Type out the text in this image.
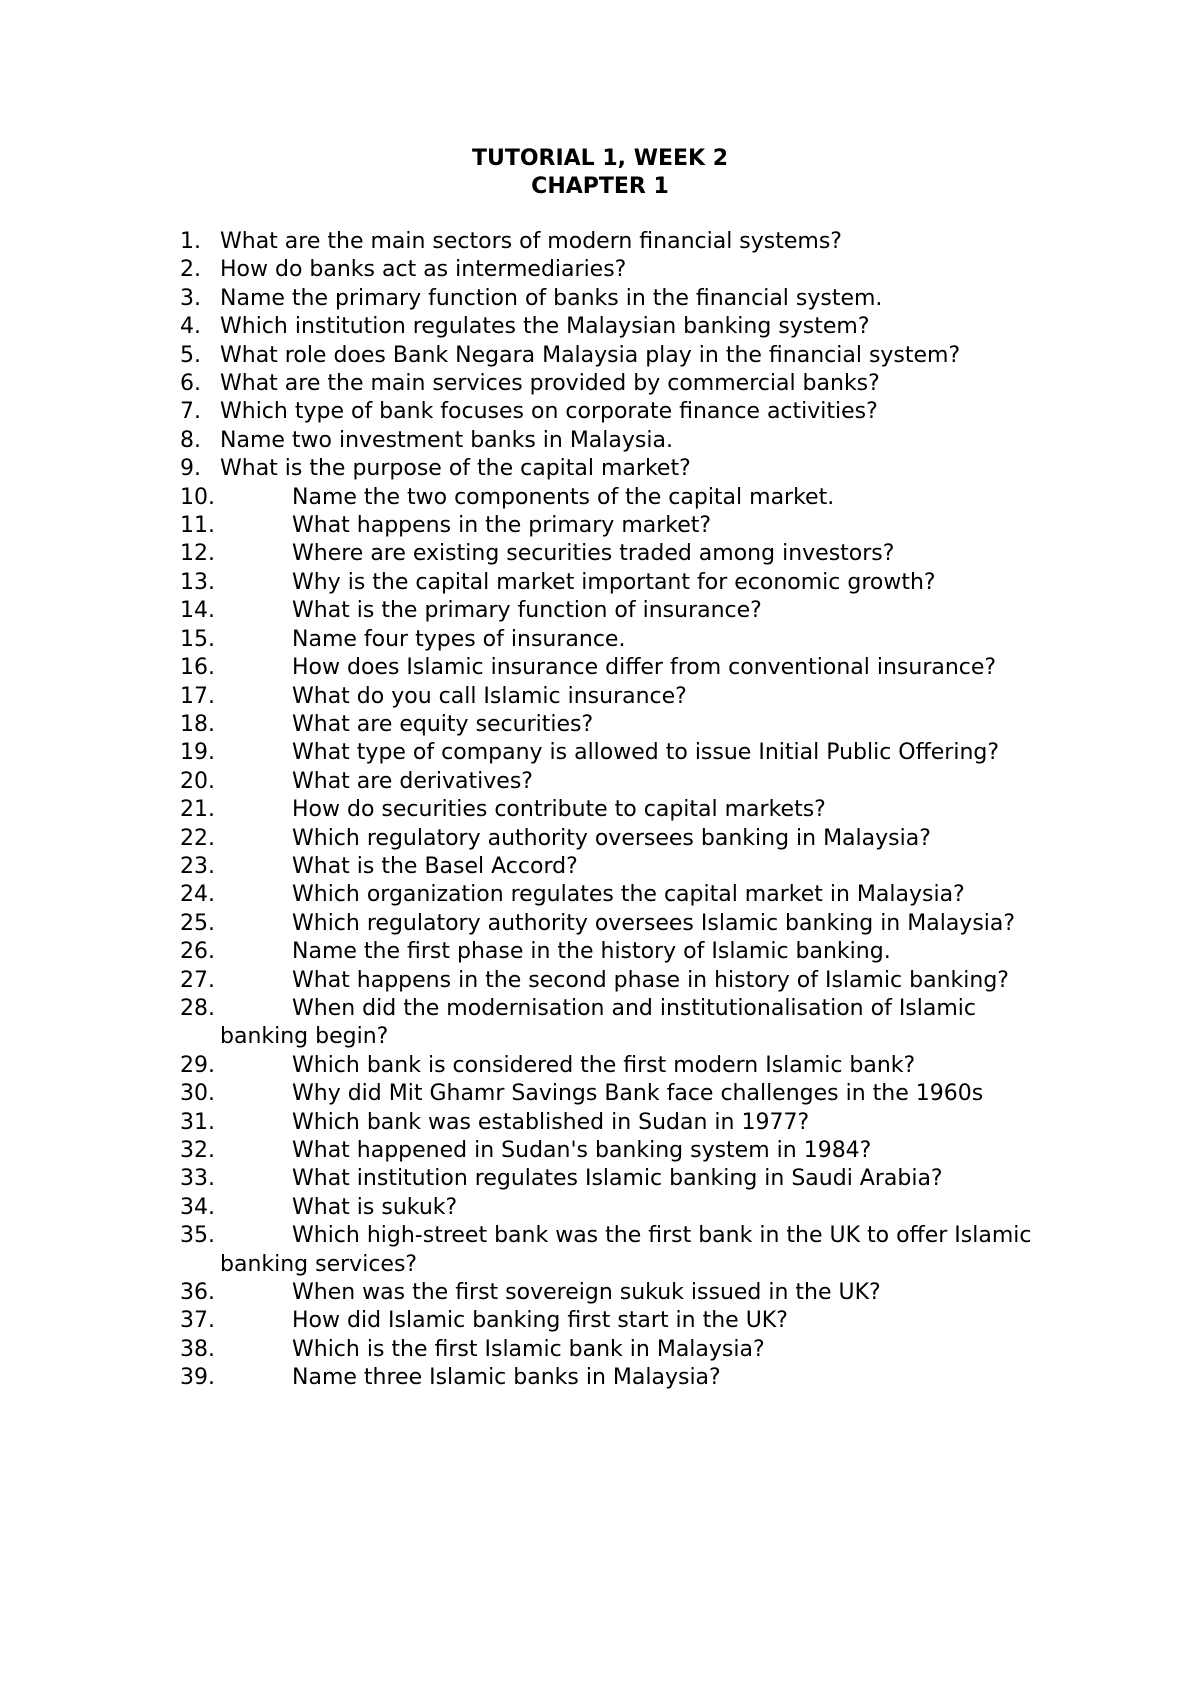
TUTORIAL 1, WEEK 2
CHAPTER 1
1. What are the main sectors of modern financial systems?
2. How do banks act as intermediaries?
3. Name the primary function of banks in the financial system.
4. Which institution regulates the Malaysian banking system?
5. What role does Bank Negara Malaysia play in the financial system?
6. What are the main services provided by commercial banks?
7. Which type of bank focuses on corporate finance activities?
8. Name two investment banks in Malaysia.
9. What is the purpose of the capital market?
10.	Name the two components of the capital market.
11.	What happens in the primary market?
12.	Where are existing securities traded among investors?
13.	Why is the capital market important for economic growth?
14.	What is the primary function of insurance?
15.	Name four types of insurance.
16.	How does Islamic insurance differ from conventional insurance?
17.	What do you call Islamic insurance?
18.	What are equity securities?
19.	What type of company is allowed to issue Initial Public Offering?
20.	What are derivatives?
21.	How do securities contribute to capital markets?
22.	Which regulatory authority oversees banking in Malaysia?
23.	What is the Basel Accord?
24.	Which organization regulates the capital market in Malaysia?
25.	Which regulatory authority oversees Islamic banking in Malaysia?
26.	Name the first phase in the history of Islamic banking.
27.	What happens in the second phase in history of Islamic banking?
28.	When did the modernisation and institutionalisation of Islamic banking begin?
29.	Which bank is considered the first modern Islamic bank?
30.	Why did Mit Ghamr Savings Bank face challenges in the 1960s
31.	Which bank was established in Sudan in 1977?
32.	What happened in Sudan's banking system in 1984?
33.	What institution regulates Islamic banking in Saudi Arabia?
34.	What is sukuk?
35.	Which high-street bank was the first bank in the UK to offer Islamic banking services?
36.	When was the first sovereign sukuk issued in the UK?
37.	How did Islamic banking first start in the UK?
38.	Which is the first Islamic bank in Malaysia?
39.	Name three Islamic banks in Malaysia?
